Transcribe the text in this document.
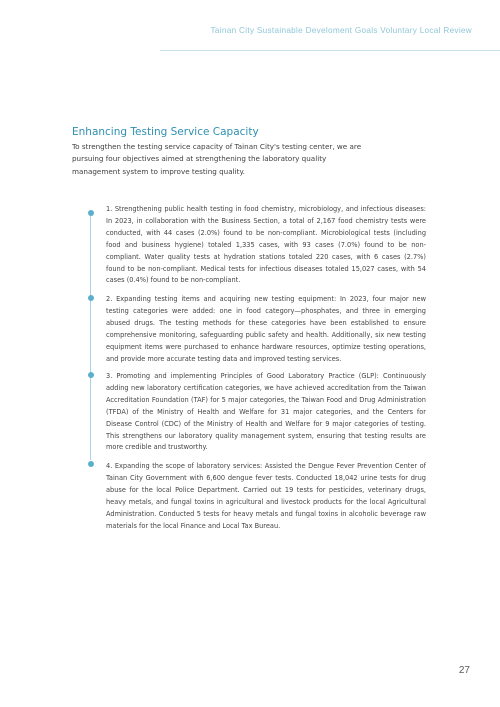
Tainan City Sustainable Develoment Goals Voluntary Local Review
Enhancing Testing Service Capacity
To strengthen the testing service capacity of Tainan City's testing center, we are pursuing four objectives aimed at strengthening the laboratory quality management system to improve testing quality.
1. Strengthening public health testing in food chemistry, microbiology, and infectious diseases: In 2023, in collaboration with the Business Section, a total of 2,167 food chemistry tests were conducted, with 44 cases (2.0%) found to be non-compliant. Microbiological tests (including food and business hygiene) totaled 1,335 cases, with 93 cases (7.0%) found to be non-compliant. Water quality tests at hydration stations totaled 220 cases, with 6 cases (2.7%) found to be non-compliant. Medical tests for infectious diseases totaled 15,027 cases, with 54 cases (0.4%) found to be non-compliant.
2. Expanding testing items and acquiring new testing equipment: In 2023, four major new testing categories were added: one in food category—phosphates, and three in emerging abused drugs. The testing methods for these categories have been established to ensure comprehensive monitoring, safeguarding public safety and health. Additionally, six new testing equipment items were purchased to enhance hardware resources, optimize testing operations, and provide more accurate testing data and improved testing services.
3. Promoting and implementing Principles of Good Laboratory Practice (GLP): Continuously adding new laboratory certification categories, we have achieved accreditation from the Taiwan Accreditation Foundation (TAF) for 5 major categories, the Taiwan Food and Drug Administration (TFDA) of the Ministry of Health and Welfare for 31 major categories, and the Centers for Disease Control (CDC) of the Ministry of Health and Welfare for 9 major categories of testing. This strengthens our laboratory quality management system, ensuring that testing results are more credible and trustworthy.
4. Expanding the scope of laboratory services: Assisted the Dengue Fever Prevention Center of Tainan City Government with 6,600 dengue fever tests. Conducted 18,042 urine tests for drug abuse for the local Police Department. Carried out 19 tests for pesticides, veterinary drugs, heavy metals, and fungal toxins in agricultural and livestock products for the local Agricultural Administration. Conducted 5 tests for heavy metals and fungal toxins in alcoholic beverage raw materials for the local Finance and Local Tax Bureau.
27
